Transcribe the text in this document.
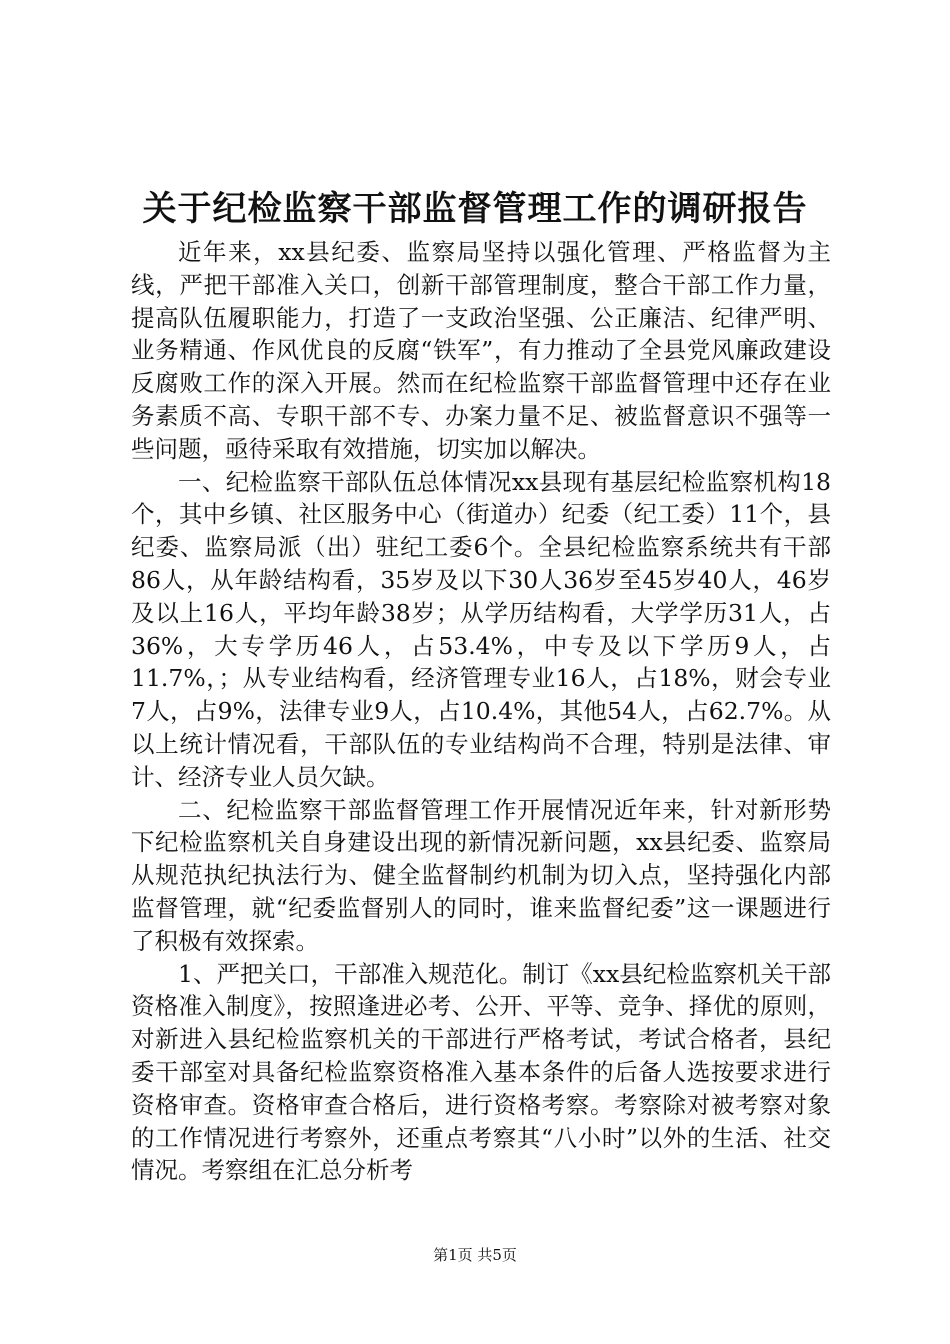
关于纪检监察干部监督管理工作的调研报告

近年来，xx县纪委、监察局坚持以强化管理、严格监督为主线，严把干部准入关口，创新干部管理制度，整合干部工作力量，提高队伍履职能力，打造了一支政治坚强、公正廉洁、纪律严明、业务精通、作风优良的反腐“铁军”，有力推动了全县党风廉政建设反腐败工作的深入开展。然而在纪检监察干部监督管理中还存在业务素质不高、专职干部不专、办案力量不足、被监督意识不强等一些问题，亟待采取有效措施，切实加以解决。

一、纪检监察干部队伍总体情况xx县现有基层纪检监察机构18个，其中乡镇、社区服务中心（街道办）纪委（纪工委）11个，县纪委、监察局派（出）驻纪工委6个。全县纪检监察系统共有干部86人，从年龄结构看，35岁及以下30人36岁至45岁40人，46岁及以上16人，平均年龄38岁；从学历结构看，大学学历31人，占36%，大专学历46人，占53.4%，中专及以下学历9人，占11.7%，；从专业结构看，经济管理专业16人，占18%，财会专业7人，占9%，法律专业9人，占10.4%，其他54人，占62.7%。从以上统计情况看，干部队伍的专业结构尚不合理，特别是法律、审计、经济专业人员欠缺。

二、纪检监察干部监督管理工作开展情况近年来，针对新形势下纪检监察机关自身建设出现的新情况新问题，xx县纪委、监察局从规范执纪执法行为、健全监督制约机制为切入点，坚持强化内部监督管理，就“纪委监督别人的同时，谁来监督纪委”这一课题进行了积极有效探索。

1、严把关口，干部准入规范化。制订《xx县纪检监察机关干部资格准入制度》，按照逢进必考、公开、平等、竞争、择优的原则，对新进入县纪检监察机关的干部进行严格考试，考试合格者，县纪委干部室对具备纪检监察资格准入基本条件的后备人选按要求进行资格审查。资格审查合格后，进行资格考察。考察除对被考察对象的工作情况进行考察外，还重点考察其“八小时”以外的生活、社交情况。考察组在汇总分析考

第1页 共5页
